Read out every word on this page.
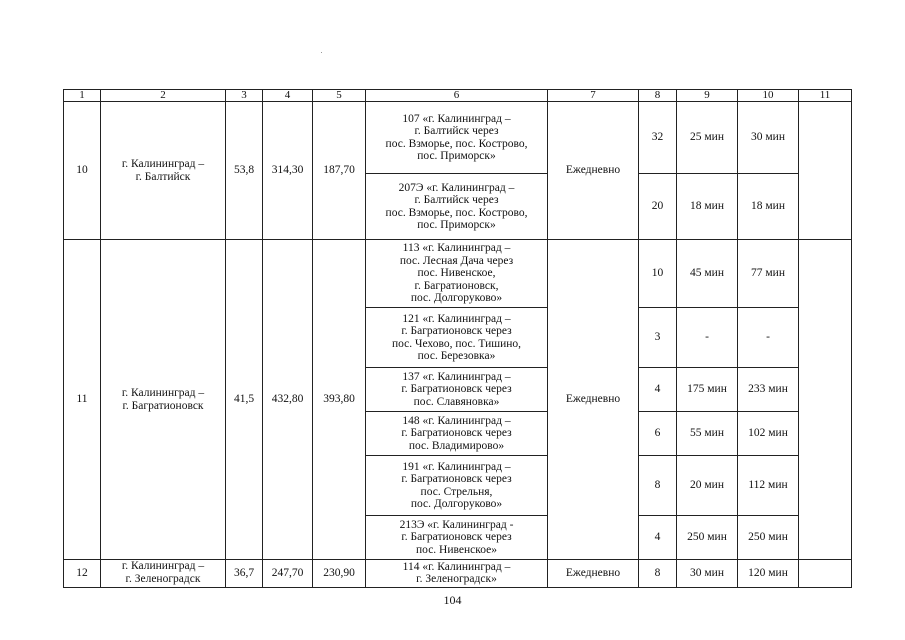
1	2	3	4	5	6	7	8	9	10	11
10	г. Калининград –
г. Балтийск	53,8	314,30	187,70	107 «г. Калининград –
г. Балтийск через
пос. Взморье, пос. Кострово,
пос. Приморск»	Ежедневно	32	25 мин	30 мин	
					207Э «г. Калининград –
г. Балтийск через
пос. Взморье, пос. Кострово,
пос. Приморск»		20	18 мин	18 мин	
11	г. Калининград –
г. Багратионовск	41,5	432,80	393,80	113 «г. Калининград –
пос. Лесная Дача через
пос. Нивенское,
г. Багратионовск,
пос. Долгоруково»	Ежедневно	10	45 мин	77 мин	
					121 «г. Калининград –
г. Багратионовск через
пос. Чехово, пос. Тишино,
пос. Березовка»		3	-	-	
					137 «г. Калининград –
г. Багратионовск через
пос. Славяновка»		4	175 мин	233 мин	
					148 «г. Калининград –
г. Багратионовск через
пос. Владимирово»		6	55 мин	102 мин	
					191 «г. Калининград –
г. Багратионовск через
пос. Стрельня,
пос. Долгоруково»		8	20 мин	112 мин	
					213Э «г. Калининград -
г. Багратионовск через
пос. Нивенское»		4	250 мин	250 мин	
12	г. Калининград –
г. Зеленоградск	36,7	247,70	230,90	114 «г. Калининград –
г. Зеленоградск»	Ежедневно	8	30 мин	120 мин	
104
